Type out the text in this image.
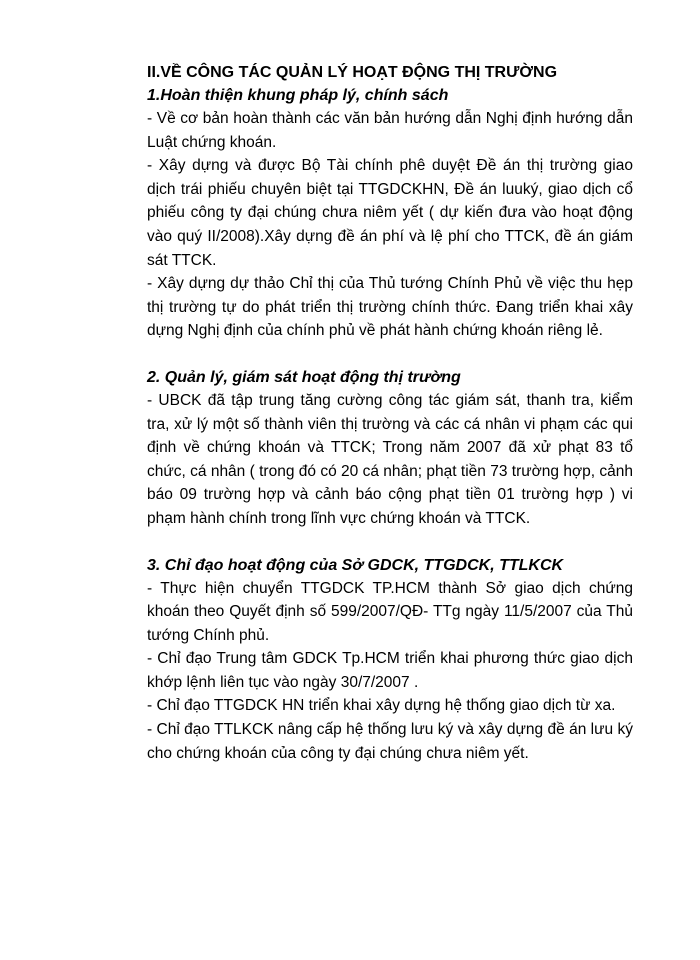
II.VỀ CÔNG TÁC QUẢN LÝ HOẠT ĐỘNG THỊ TRƯỜNG

1.Hoàn thiện khung pháp lý, chính sách

- Về cơ bản hoàn thành các văn bản hướng dẫn Nghị định hướng dẫn Luật chứng khoán.

- Xây dựng và được Bộ Tài chính phê duyệt Đề án thị trường giao dịch trái phiếu chuyên biệt tại TTGDCKHN, Đề án luuký, giao dịch cổ phiếu công ty đại chúng chưa niêm yết ( dự kiến đưa vào hoạt động vào quý II/2008).Xây dựng đề án phí và lệ phí cho TTCK, đề án giám sát TTCK.

- Xây dựng dự thảo Chỉ thị của Thủ tướng Chính Phủ về việc thu hẹp thị trường tự do phát triển thị trường chính thức. Đang triển khai xây dựng Nghị định của chính phủ về phát hành chứng khoán riêng lẻ.

2. Quản lý, giám sát hoạt động thị trường

- UBCK đã tập trung tăng cường công tác giám sát, thanh tra, kiểm tra, xử lý một số thành viên thị trường và các cá nhân vi phạm các qui định về chứng khoán và TTCK; Trong năm 2007 đã xử phạt 83 tổ chức, cá nhân ( trong đó có 20 cá nhân; phạt tiền 73 trường hợp, cảnh báo 09 trường hợp và cảnh báo cộng phạt tiền 01 trường hợp ) vi phạm hành chính trong lĩnh vực chứng khoán và TTCK.

3. Chỉ đạo hoạt động của Sở GDCK, TTGDCK, TTLKCK

- Thực hiện chuyển TTGDCK TP.HCM thành Sở giao dịch chứng khoán theo Quyết định số 599/2007/QĐ- TTg ngày 11/5/2007 của Thủ tướng Chính phủ.

- Chỉ đạo Trung tâm GDCK Tp.HCM triển khai phương thức giao dịch khớp lệnh liên tục vào ngày 30/7/2007 .

- Chỉ đạo TTGDCK HN triển khai xây dựng hệ thống giao dịch từ xa.

- Chỉ đạo TTLKCK nâng cấp hệ thống lưu ký và xây dựng đề án lưu ký cho chứng khoán của công ty đại chúng chưa niêm yết.
